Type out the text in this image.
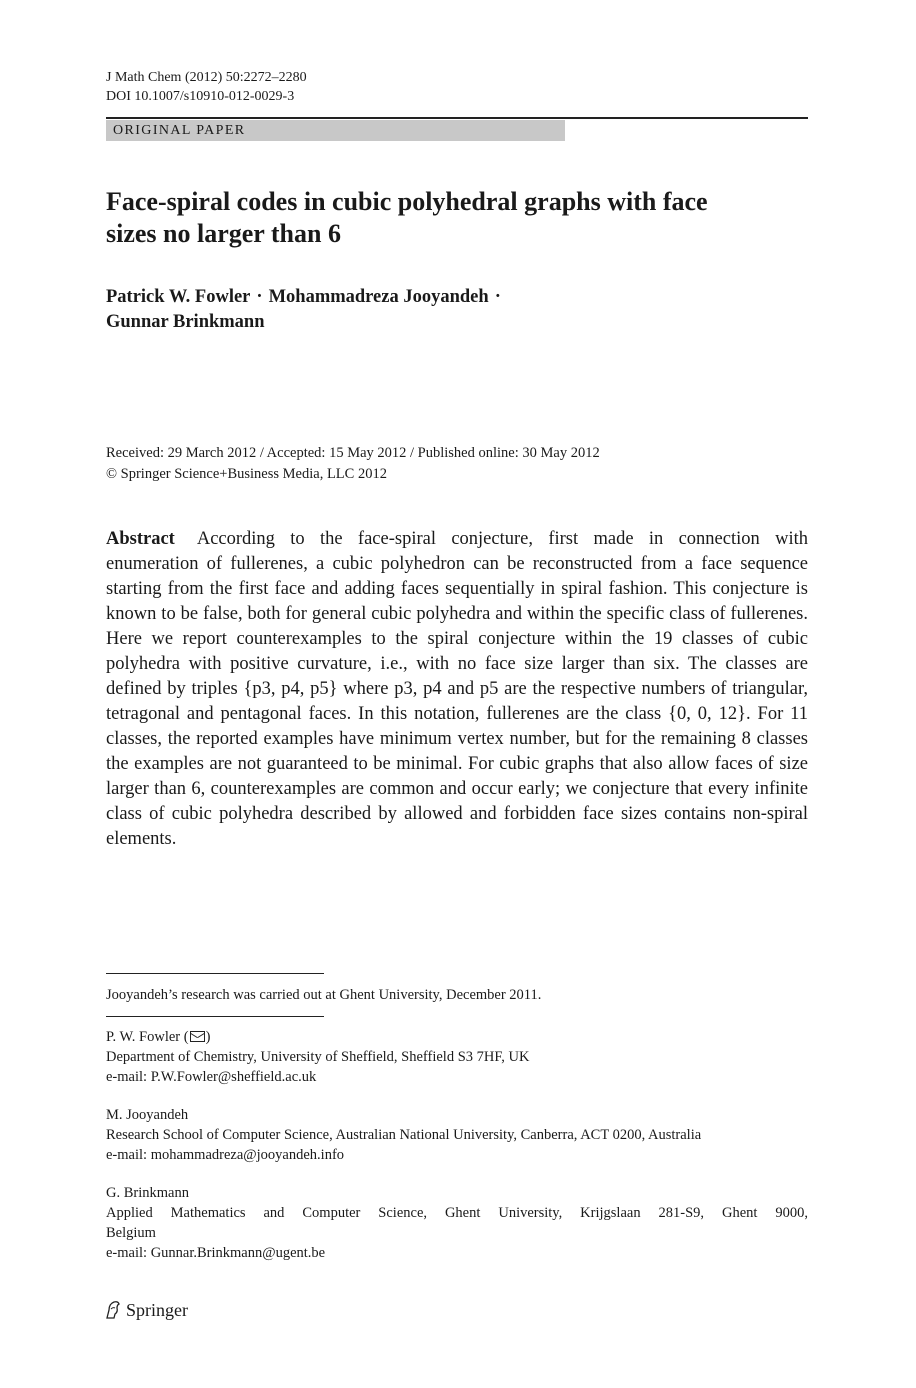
J Math Chem (2012) 50:2272–2280
DOI 10.1007/s10910-012-0029-3
ORIGINAL PAPER
Face-spiral codes in cubic polyhedral graphs with face
sizes no larger than 6
Patrick W. Fowler · Mohammadreza Jooyandeh ·
Gunnar Brinkmann
Received: 29 March 2012 / Accepted: 15 May 2012 / Published online: 30 May 2012
© Springer Science+Business Media, LLC 2012
Abstract According to the face-spiral conjecture, first made in connection with enumeration of fullerenes, a cubic polyhedron can be reconstructed from a face sequence starting from the first face and adding faces sequentially in spiral fashion. This conjecture is known to be false, both for general cubic polyhedra and within the specific class of fullerenes. Here we report counterexamples to the spiral conjecture within the 19 classes of cubic polyhedra with positive curvature, i.e., with no face size larger than six. The classes are defined by triples {p3, p4, p5} where p3, p4 and p5 are the respective numbers of triangular, tetragonal and pentagonal faces. In this notation, fullerenes are the class {0, 0, 12}. For 11 classes, the reported examples have minimum vertex number, but for the remaining 8 classes the examples are not guaranteed to be minimal. For cubic graphs that also allow faces of size larger than 6, counterexamples are common and occur early; we conjecture that every infinite class of cubic polyhedra described by allowed and forbidden face sizes contains non-spiral elements.
Jooyandeh’s research was carried out at Ghent University, December 2011.
P. W. Fowler ( )
Department of Chemistry, University of Sheffield, Sheffield S3 7HF, UK
e-mail: P.W.Fowler@sheffield.ac.uk
M. Jooyandeh
Research School of Computer Science, Australian National University, Canberra, ACT 0200, Australia
e-mail: mohammadreza@jooyandeh.info
G. Brinkmann
Applied Mathematics and Computer Science, Ghent University, Krijgslaan 281-S9, Ghent 9000,
Belgium
e-mail: Gunnar.Brinkmann@ugent.be
Springer
